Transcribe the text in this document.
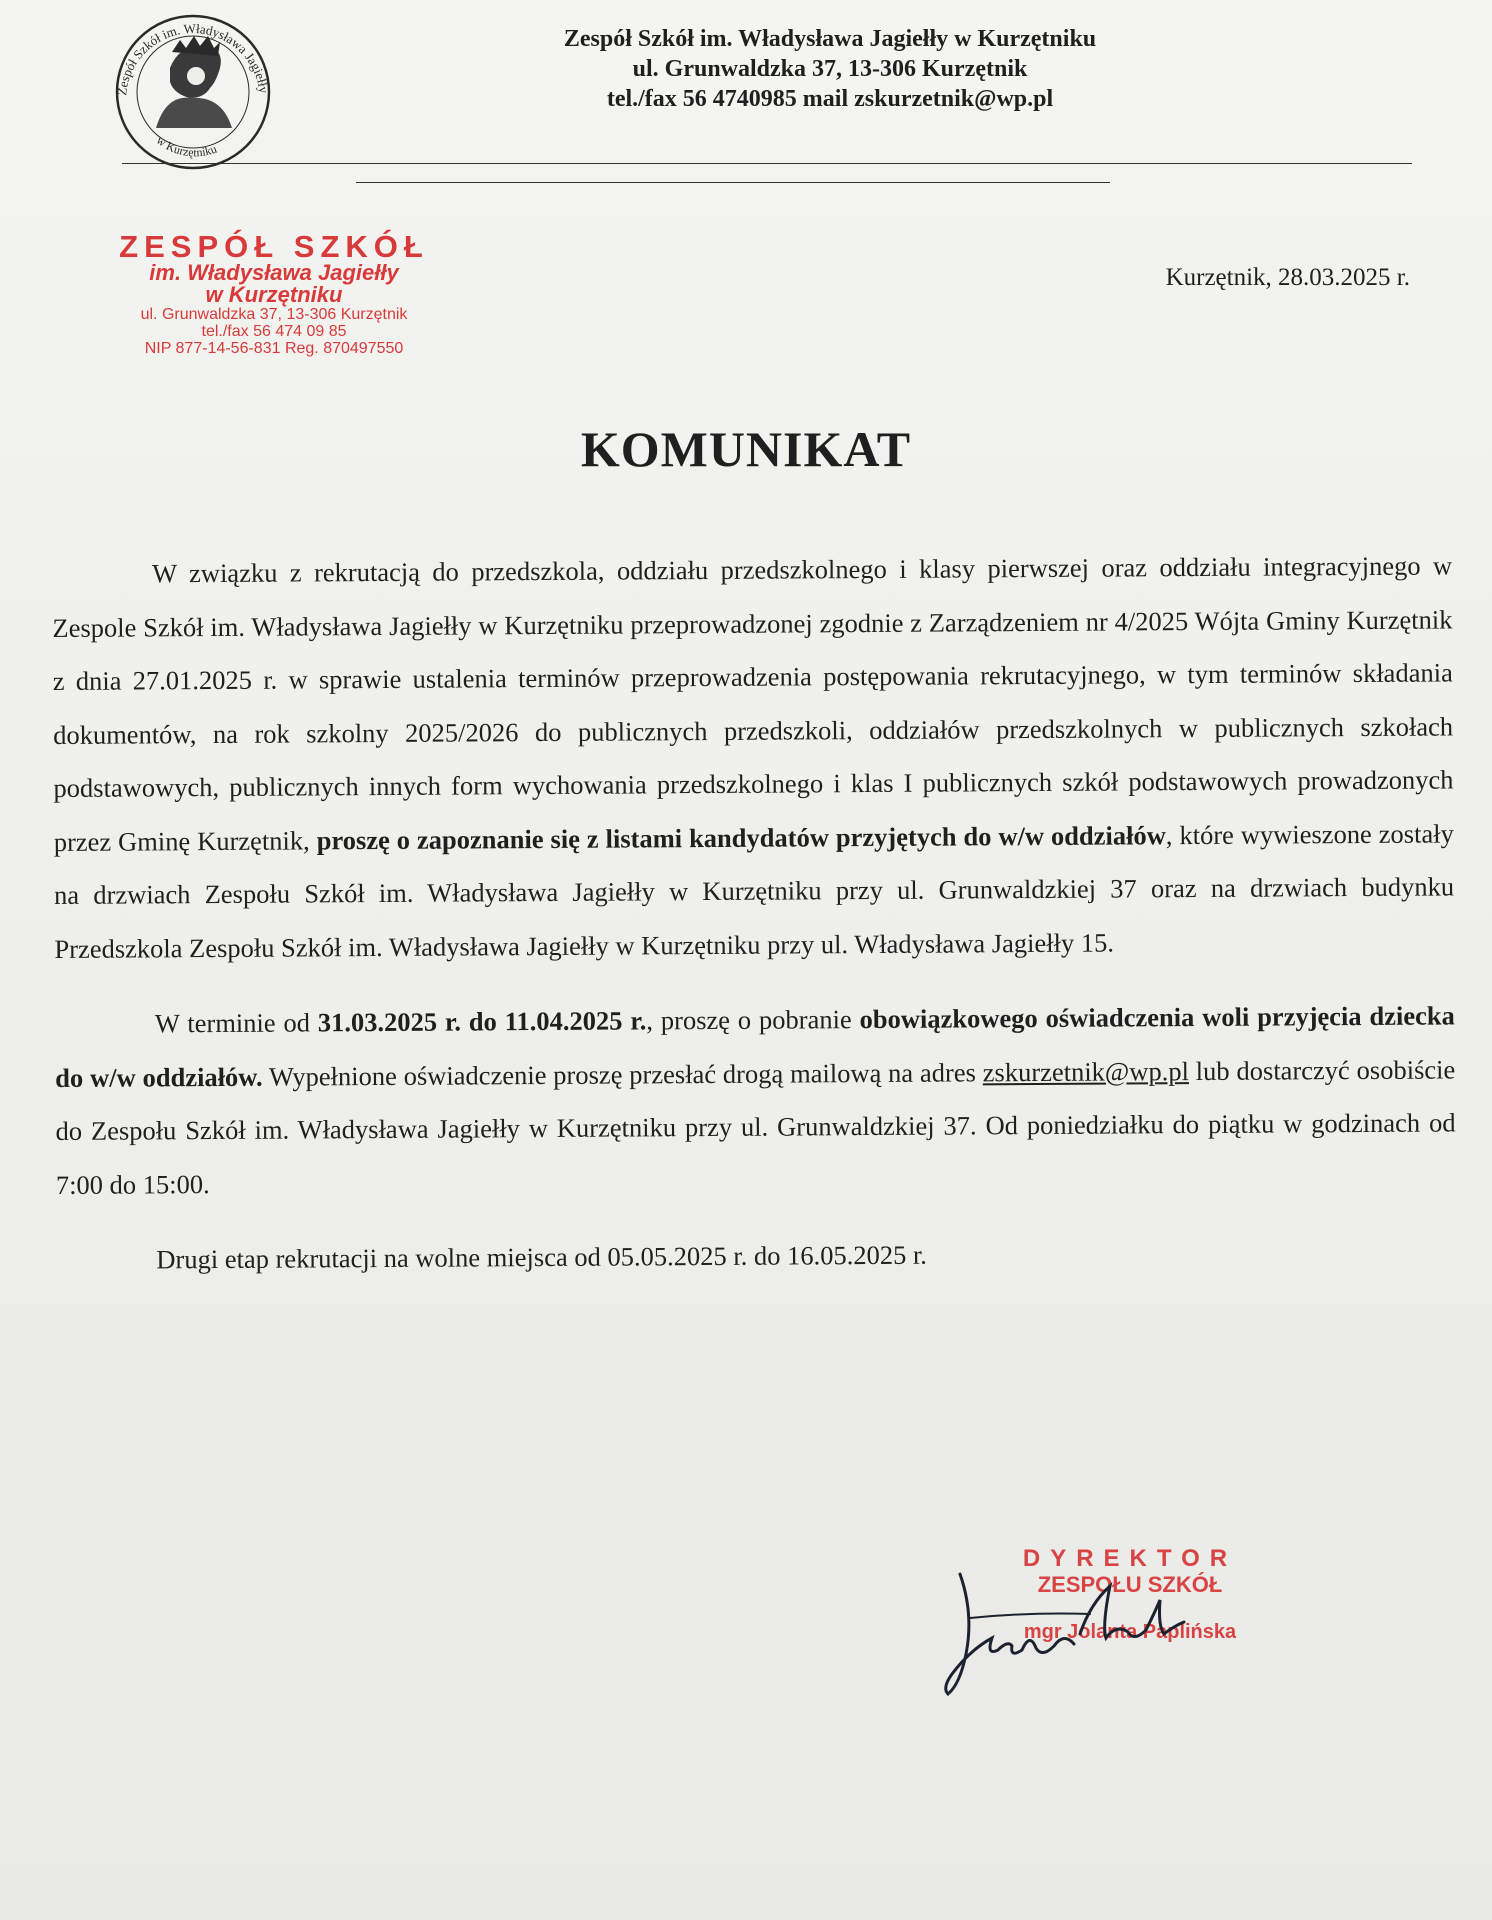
Zespół Szkół im. Władysława Jagiełły
w Kurzętniku
Zespół Szkół im. Władysława Jagiełły w Kurzętniku
ul. Grunwaldzka 37, 13-306 Kurzętnik
tel./fax 56 4740985 mail zskurzetnik@wp.pl
ZESPÓŁ SZKÓŁ
im. Władysława Jagiełły
w Kurzętniku
ul. Grunwaldzka 37, 13-306 Kurzętnik
tel./fax 56 474 09 85
NIP 877-14-56-831 Reg. 870497550
Kurzętnik, 28.03.2025 r.
KOMUNIKAT

W związku z rekrutacją do przedszkola, oddziału przedszkolnego i klasy pierwszej oraz oddziału integracyjnego w Zespole Szkół im. Władysława Jagiełły w Kurzętniku przeprowadzonej zgodnie z Zarządzeniem nr 4/2025 Wójta Gminy Kurzętnik z dnia 27.01.2025 r. w sprawie ustalenia terminów przeprowadzenia postępowania rekrutacyjnego, w tym terminów składania dokumentów, na rok szkolny 2025/2026 do publicznych przedszkoli, oddziałów przedszkolnych w publicznych szkołach podstawowych, publicznych innych form wychowania przedszkolnego i klas I publicznych szkół podstawowych prowadzonych przez Gminę Kurzętnik, proszę o zapoznanie się z listami kandydatów przyjętych do w/w oddziałów, które wywieszone zostały na drzwiach Zespołu Szkół im. Władysława Jagiełły w Kurzętniku przy ul. Grunwaldzkiej 37 oraz na drzwiach budynku Przedszkola Zespołu Szkół im. Władysława Jagiełły w Kurzętniku przy ul. Władysława Jagiełły 15.

W terminie od 31.03.2025 r. do 11.04.2025 r., proszę o pobranie obowiązkowego oświadczenia woli przyjęcia dziecka do w/w oddziałów. Wypełnione oświadczenie proszę przesłać drogą mailową na adres zskurzetnik@wp.pl lub dostarczyć osobiście do Zespołu Szkół im. Władysława Jagiełły w Kurzętniku przy ul. Grunwaldzkiej 37. Od poniedziałku do piątku w godzinach od 7:00 do 15:00.

Drugi etap rekrutacji na wolne miejsca od 05.05.2025 r. do 16.05.2025 r.

DYREKTOR
ZESPOŁU SZKÓŁ
mgr Jolanta Paplińska
